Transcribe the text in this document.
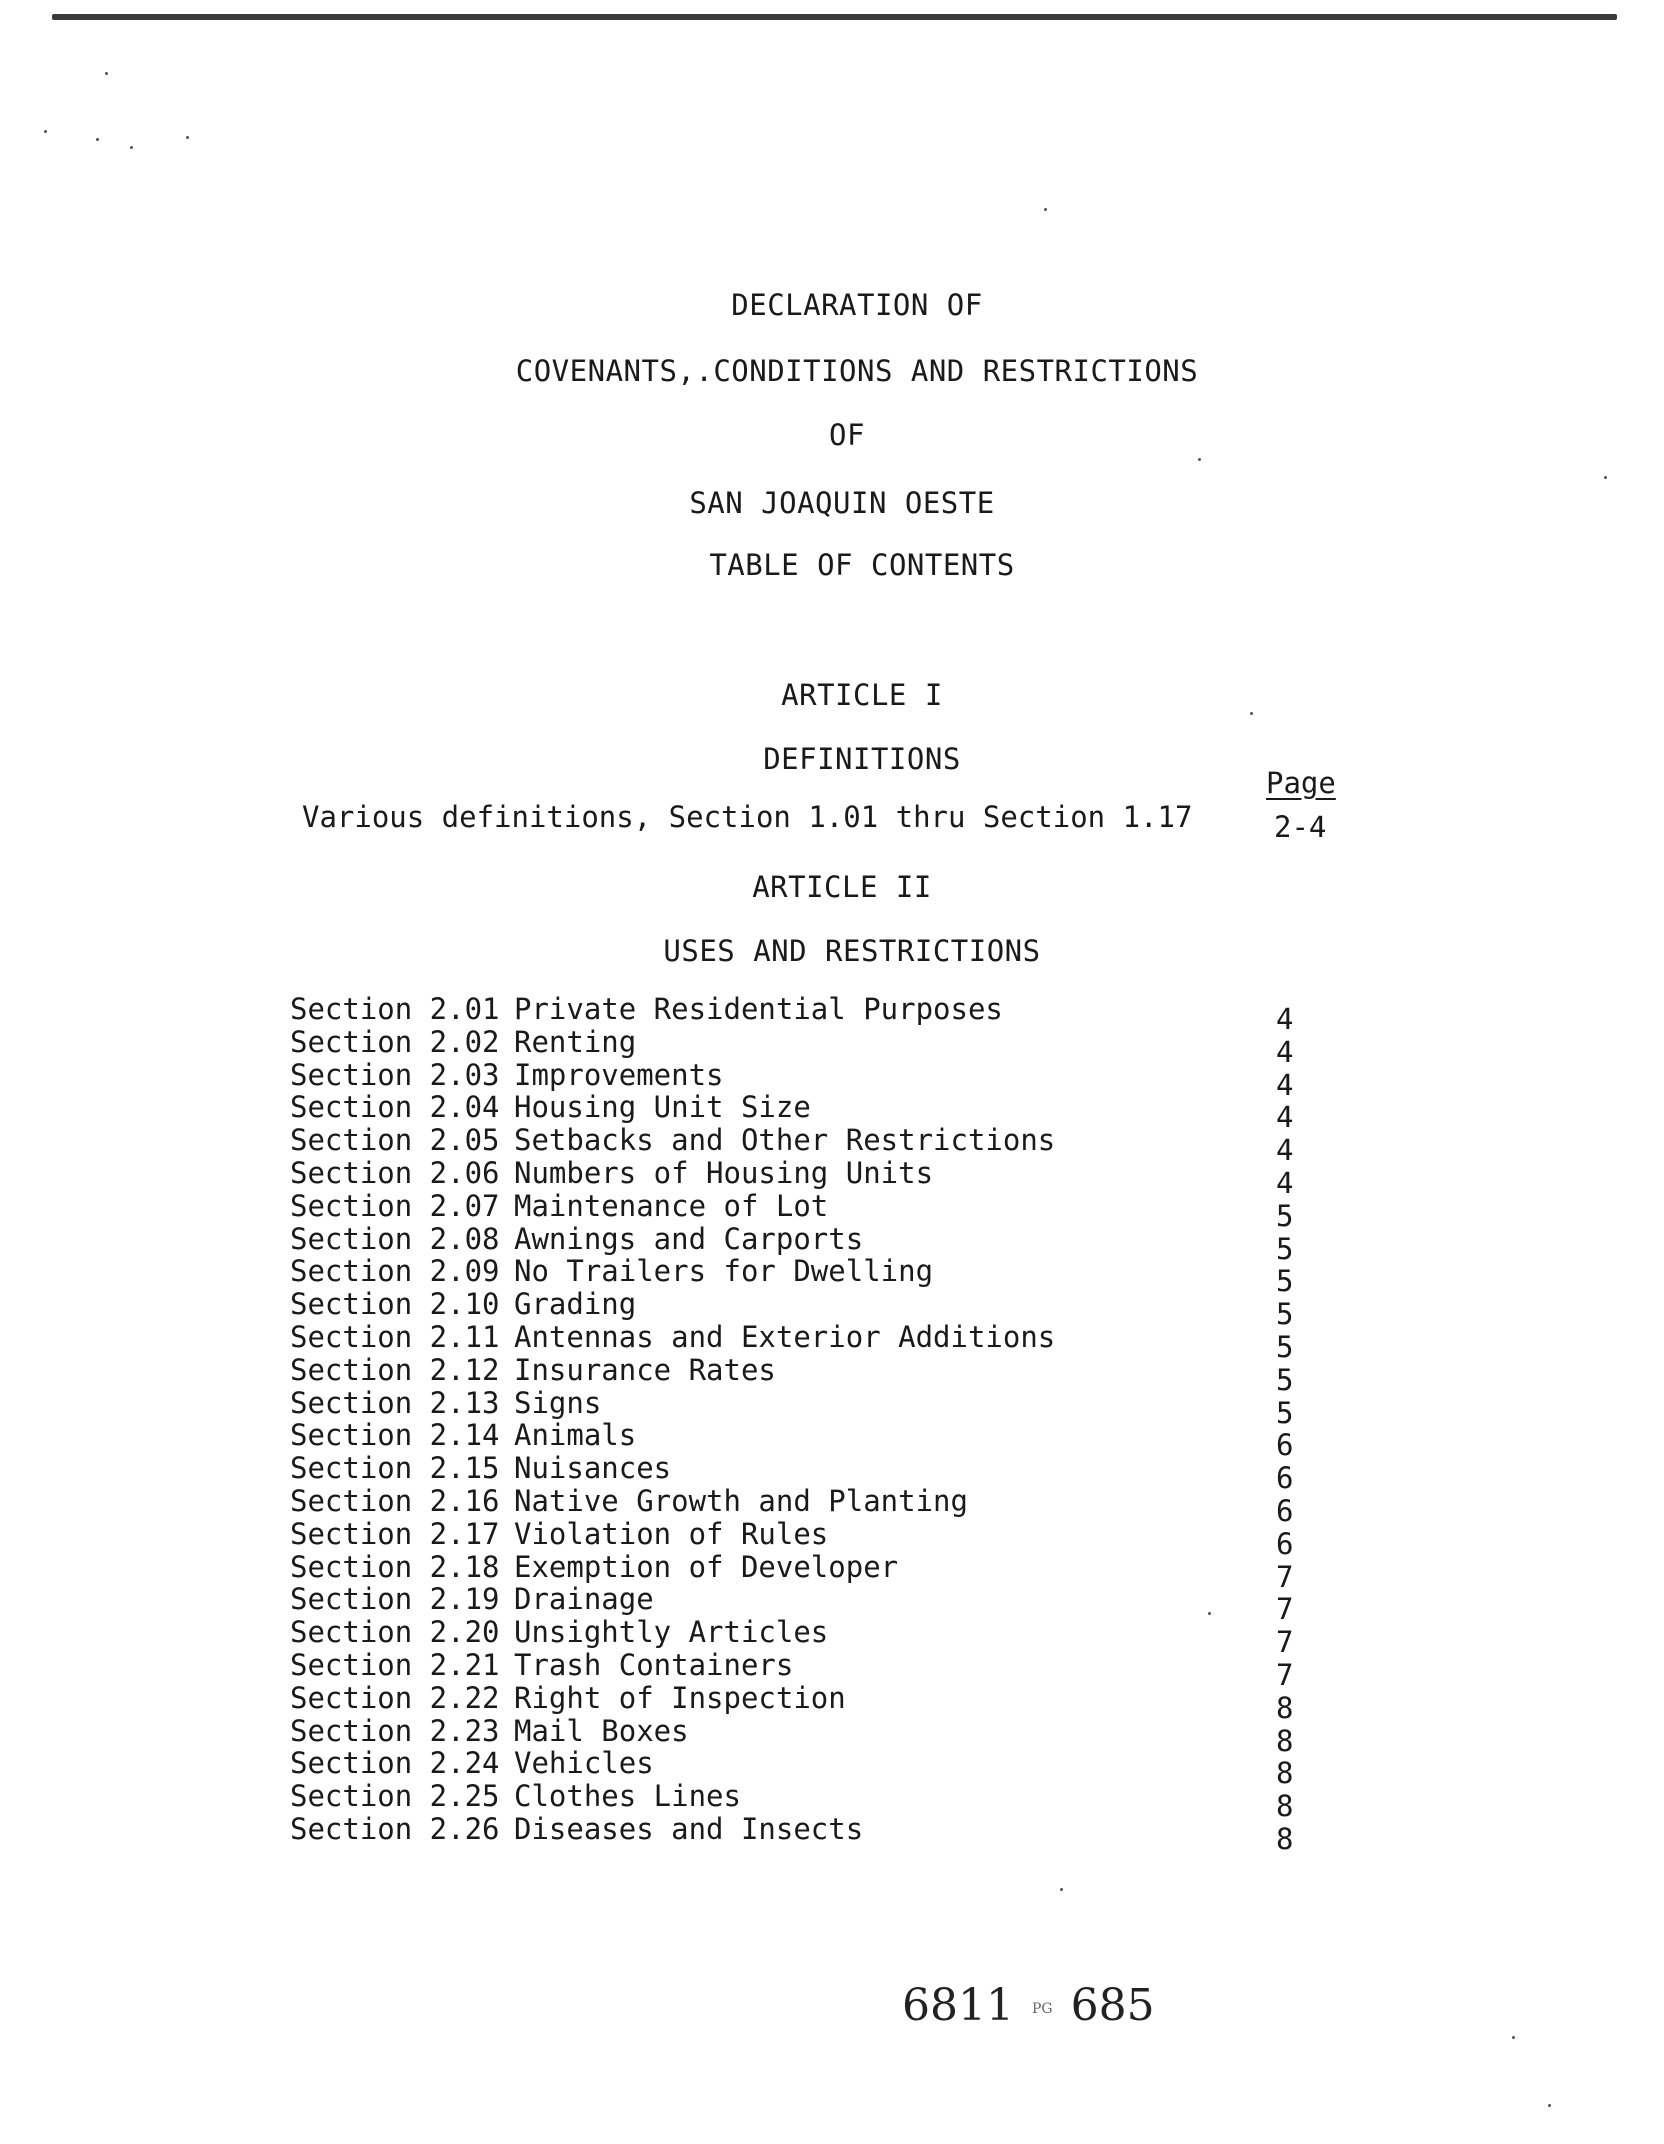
DECLARATION OF
COVENANTS,.CONDITIONS AND RESTRICTIONS
OF
SAN JOAQUIN OESTE
TABLE OF CONTENTS
ARTICLE I
DEFINITIONS
Page
Various definitions, Section 1.01 thru Section 1.17	2-4
ARTICLE II
USES AND RESTRICTIONS
Section 2.01 Private Residential Purposes	4
Section 2.02 Renting	4
Section 2.03 Improvements	4
Section 2.04 Housing Unit Size	4
Section 2.05 Setbacks and Other Restrictions	4
Section 2.06 Numbers of Housing Units	4
Section 2.07 Maintenance of Lot	5
Section 2.08 Awnings and Carports	5
Section 2.09 No Trailers for Dwelling	5
Section 2.10 Grading	5
Section 2.11 Antennas and Exterior Additions	5
Section 2.12 Insurance Rates	5
Section 2.13 Signs	5
Section 2.14 Animals	6
Section 2.15 Nuisances	6
Section 2.16 Native Growth and Planting	6
Section 2.17 Violation of Rules	6
Section 2.18 Exemption of Developer	7
Section 2.19 Drainage	7
Section 2.20 Unsightly Articles	7
Section 2.21 Trash Containers	7
Section 2.22 Right of Inspection	8
Section 2.23 Mail Boxes	8
Section 2.24 Vehicles	8
Section 2.25 Clothes Lines	8
Section 2.26 Diseases and Insects	8
6811 PG 685
